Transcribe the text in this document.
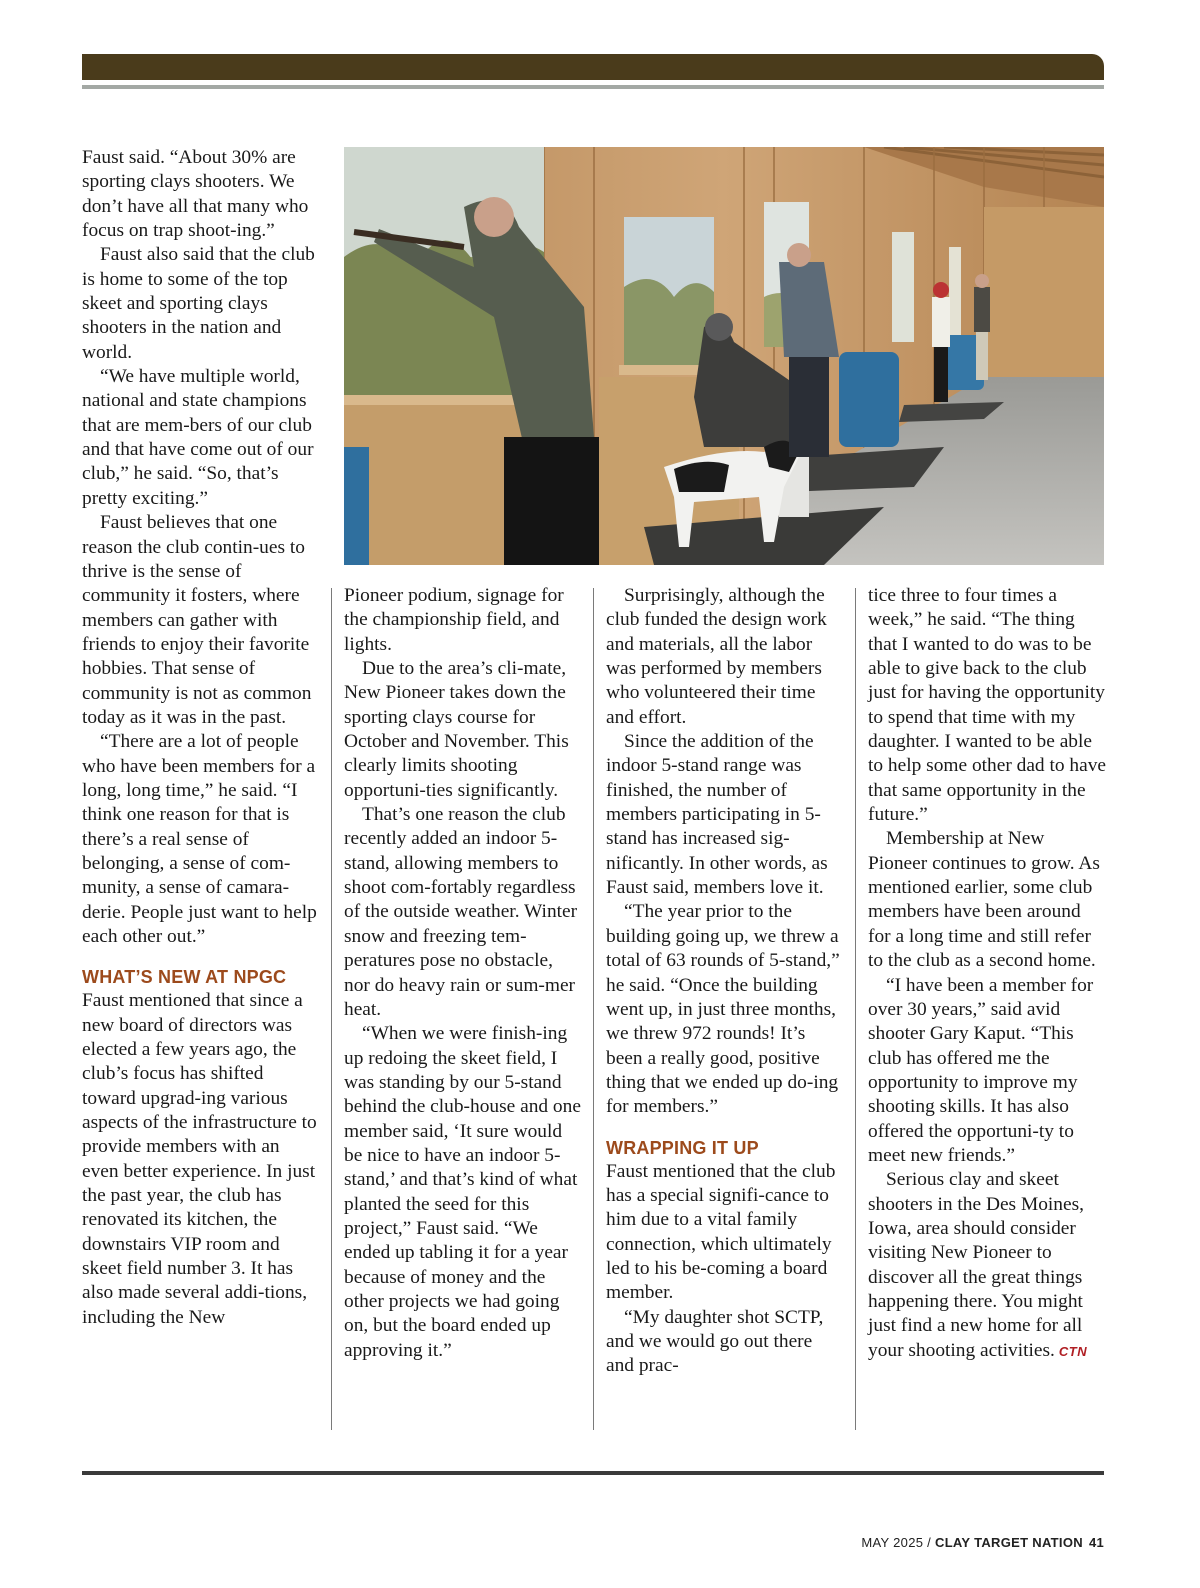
Faust said. “About 30% are sporting clays shooters. We don’t have all that many who focus on trap shoot-ing.”

Faust also said that the club is home to some of the top skeet and sporting clays shooters in the nation and world.

“We have multiple world, national and state champions that are mem-bers of our club and that have come out of our club,” he said. “So, that’s pretty exciting.”

Faust believes that one reason the club contin-ues to thrive is the sense of community it fosters, where members can gather with friends to enjoy their favorite hobbies. That sense of community is not as common today as it was in the past.

“There are a lot of people who have been members for a long, long time,” he said. “I think one reason for that is there’s a real sense of belonging, a sense of com-munity, a sense of camara-derie. People just want to help each other out.”

WHAT’S NEW AT NPGC

Faust mentioned that since a new board of directors was elected a few years ago, the club’s focus has shifted toward upgrad-ing various aspects of the infrastructure to provide members with an even better experience. In just the past year, the club has renovated its kitchen, the downstairs VIP room and skeet field number 3. It has also made several addi-tions, including the New

Pioneer podium, signage for the championship field, and lights.

Due to the area’s cli-mate, New Pioneer takes down the sporting clays course for October and November. This clearly limits shooting opportuni-ties significantly.

That’s one reason the club recently added an indoor 5-stand, allowing members to shoot com-fortably regardless of the outside weather. Winter snow and freezing tem-peratures pose no obstacle, nor do heavy rain or sum-mer heat.

“When we were finish-ing up redoing the skeet field, I was standing by our 5-stand behind the club-house and one member said, ‘It sure would be nice to have an indoor 5-stand,’ and that’s kind of what planted the seed for this project,” Faust said. “We ended up tabling it for a year because of money and the other projects we had going on, but the board ended up approving it.”

Surprisingly, although the club funded the design work and materials, all the labor was performed by members who volunteered their time and effort.

Since the addition of the indoor 5-stand range was finished, the number of members participating in 5-stand has increased sig-nificantly. In other words, as Faust said, members love it.

“The year prior to the building going up, we threw a total of 63 rounds of 5-stand,” he said. “Once the building went up, in just three months, we threw 972 rounds! It’s been a really good, positive thing that we ended up do-ing for members.”

WRAPPING IT UP

Faust mentioned that the club has a special signifi-cance to him due to a vital family connection, which ultimately led to his be-coming a board member.

“My daughter shot SCTP, and we would go out there and prac-

tice three to four times a week,” he said. “The thing that I wanted to do was to be able to give back to the club just for having the opportunity to spend that time with my daughter. I wanted to be able to help some other dad to have that same opportunity in the future.”

Membership at New Pioneer continues to grow. As mentioned earlier, some club members have been around for a long time and still refer to the club as a second home.

“I have been a member for over 30 years,” said avid shooter Gary Kaput. “This club has offered me the opportunity to improve my shooting skills. It has also offered the opportuni-ty to meet new friends.”

Serious clay and skeet shooters in the Des Moines, Iowa, area should consider visiting New Pioneer to discover all the great things happening there. You might just find a new home for all your shooting activities. CTN

MAY 2025 / CLAY TARGET NATION 41
